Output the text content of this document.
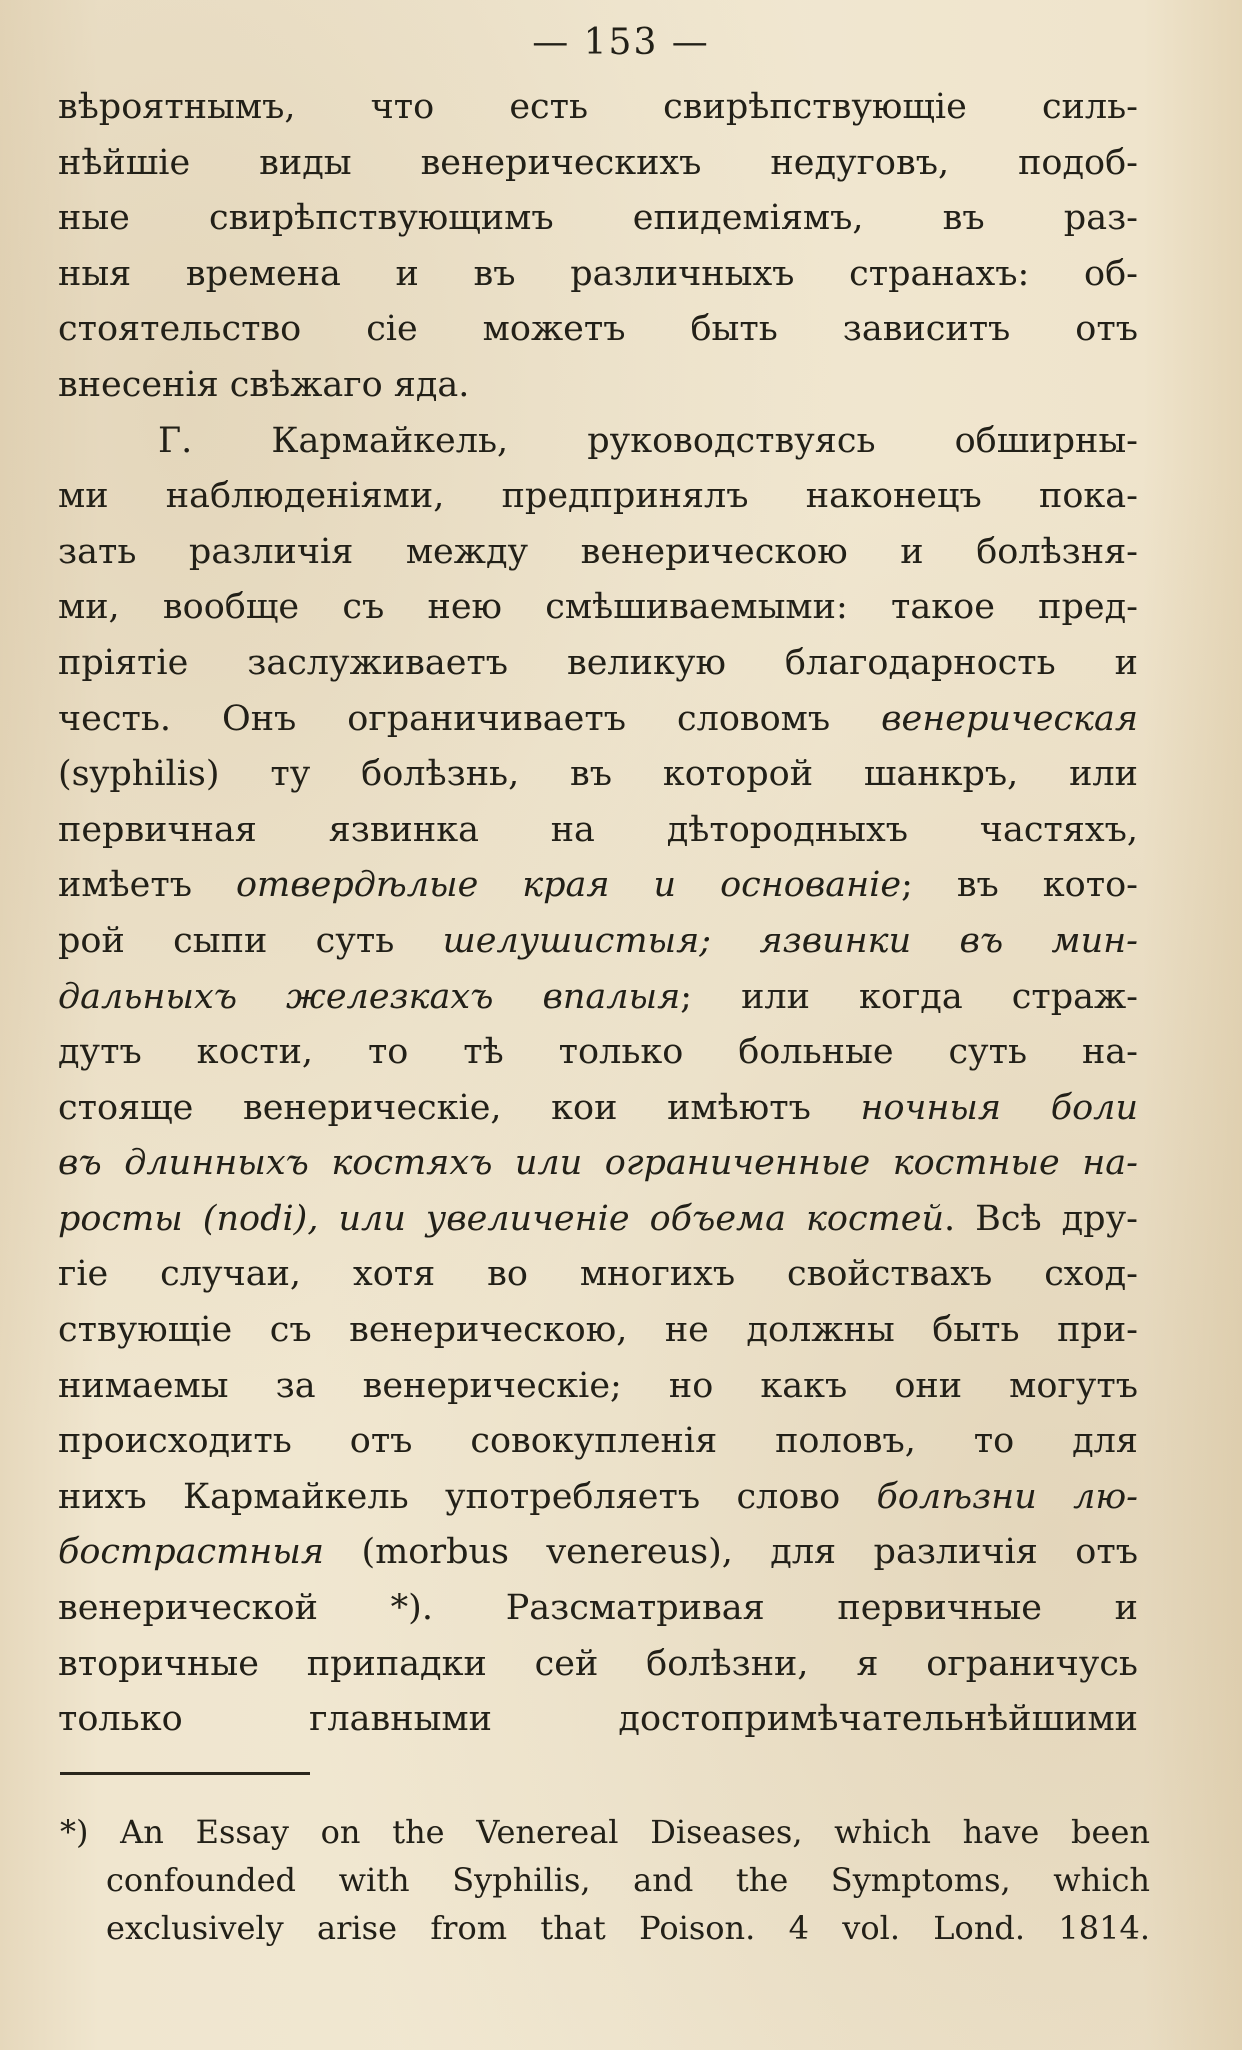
— 153 —
вѣроятнымъ, что есть свирѣпствующіе силь-
нѣйшіе виды венерическихъ недуговъ, подоб-
ные свирѣпствующимъ епидеміямъ, въ раз-
ныя времена и въ различныхъ странахъ: об-
стоятельство сіе можетъ быть зависитъ отъ
внесенія свѣжаго яда.
Г. Кармайкель, руководствуясь обширны-
ми наблюденіями, предпринялъ наконецъ пока-
зать различія между венерическою и болѣзня-
ми, вообще съ нею смѣшиваемыми: такое пред-
пріятіе заслуживаетъ великую благодарность и
честь. Онъ ограничиваетъ словомъ венерическая
(syphilis) ту болѣзнь, въ которой шанкръ, или
первичная язвинка на дѣтородныхъ частяхъ,
имѣетъ отвердѣлые края и основаніе; въ кото-
рой сыпи суть шелушистыя; язвинки въ мин-
дальныхъ железкахъ впалыя; или когда страж-
дутъ кости, то тѣ только больные суть на-
стояще венерическіе, кои имѣютъ ночныя боли
въ длинныхъ костяхъ или ограниченные костные на-
росты (nodi), или увеличеніе объема костей. Всѣ дру-
гіе случаи, хотя во многихъ свойствахъ сход-
ствующіе съ венерическою, не должны быть при-
нимаемы за венерическіе; но какъ они могутъ
происходить отъ совокупленія половъ, то для
нихъ Кармайкель употребляетъ слово болѣзни лю-
бострастныя (morbus venereus), для различія отъ
венерической *). Разсматривая первичные и
вторичные припадки сей болѣзни, я ограничусь
только главными достопримѣчательнѣйшими
*) An Essay on the Venereal Diseases, which have been
confounded with Syphilis, and the Symptoms, which
exclusively arise from that Poison. 4 vol. Lond. 1814.
